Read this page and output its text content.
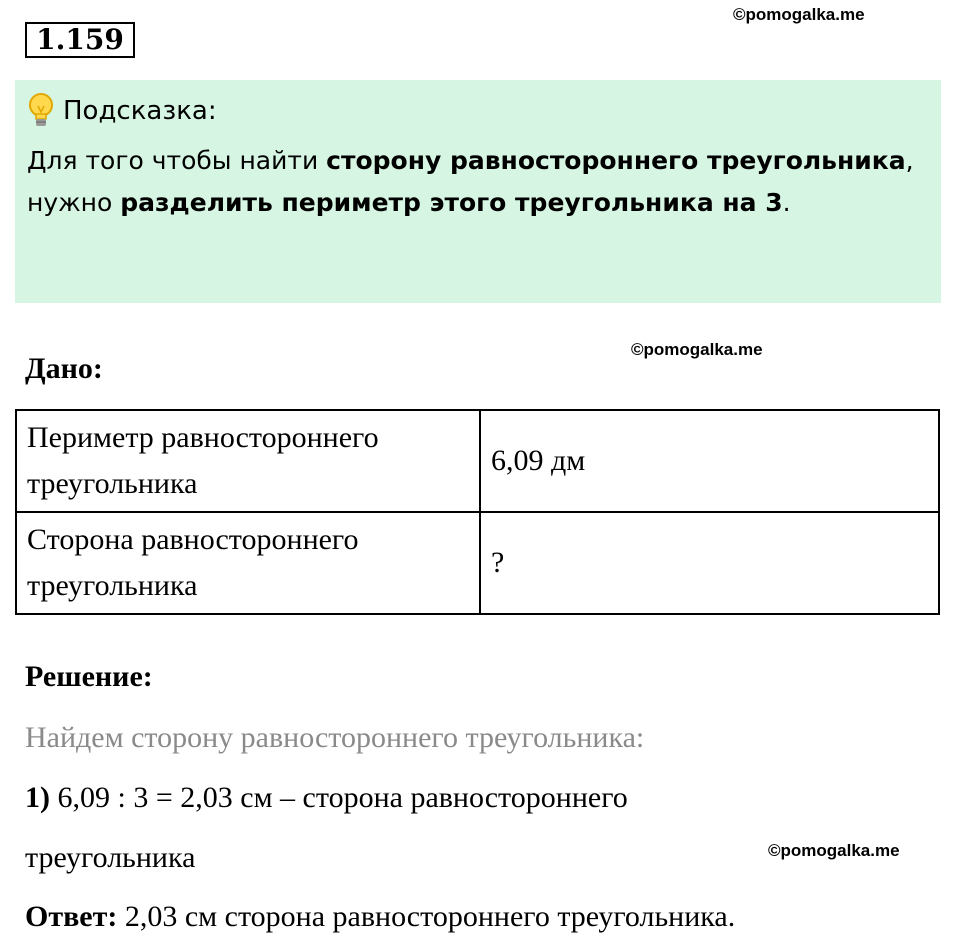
1.159
©pomogalka.me
Подсказка:
Для того чтобы найти сторону равностороннего треугольника, нужно разделить периметр этого треугольника на 3.
Дано:
©pomogalka.me
Периметр равностороннего треугольника	6,09 дм
Сторона равностороннего треугольника	?
Решение:
Найдем сторону равностороннего треугольника:
1) 6,09 : 3 = 2,03 см – сторона равностороннего
треугольника	©pomogalka.me
Ответ: 2,03 см сторона равностороннего треугольника.
